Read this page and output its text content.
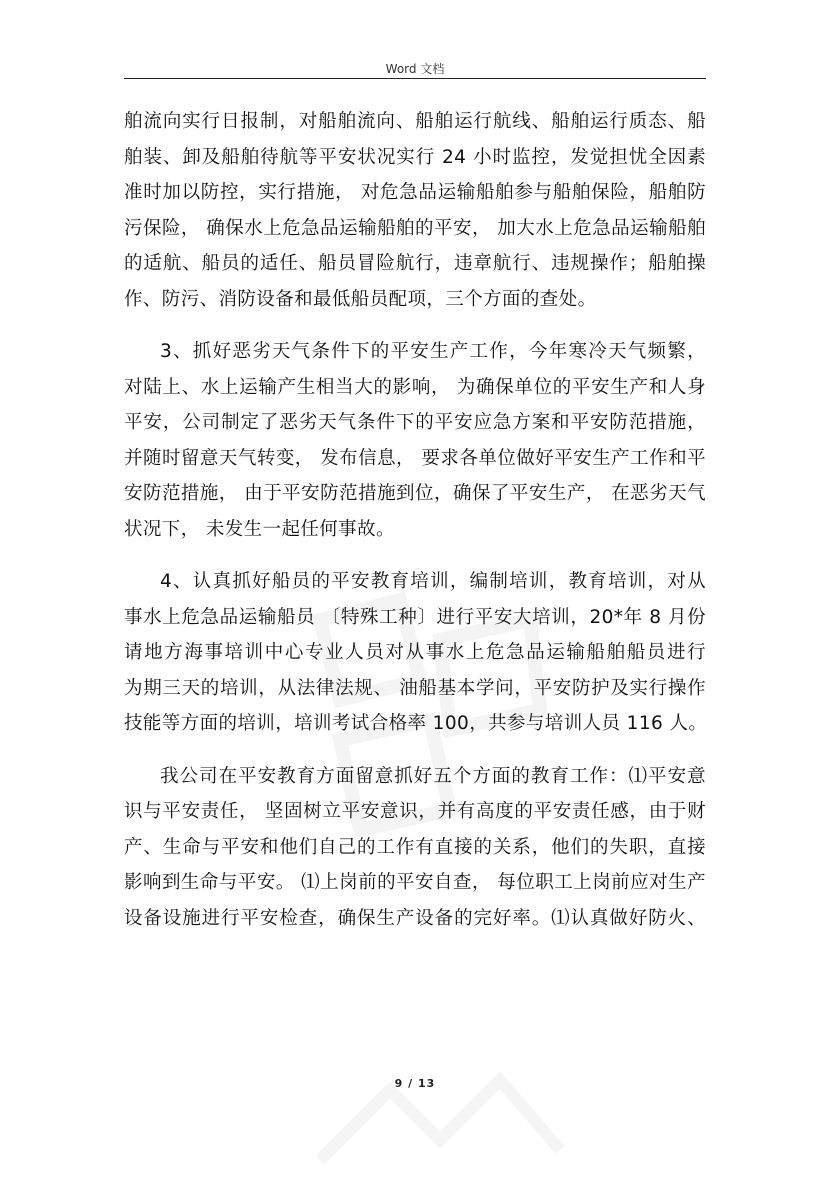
Word 文档

舶流向实行日报制，对船舶流向、船舶运行航线、船舶运行质态、船
舶装、卸及船舶待航等平安状况实行 24 小时监控，发觉担忧全因素
准时加以防控，实行措施， 对危急品运输船舶参与船舶保险，船舶防
污保险， 确保水上危急品运输船舶的平安， 加大水上危急品运输船舶
的适航、船员的适任、船员冒险航行，违章航行、违规操作；船舶操
作、防污、消防设备和最低船员配项，三个方面的查处。

3、抓好恶劣天气条件下的平安生产工作，今年寒冷天气频繁，
对陆上、水上运输产生相当大的影响， 为确保单位的平安生产和人身
平安，公司制定了恶劣天气条件下的平安应急方案和平安防范措施，
并随时留意天气转变， 发布信息， 要求各单位做好平安生产工作和平
安防范措施， 由于平安防范措施到位，确保了平安生产， 在恶劣天气
状况下， 未发生一起任何事故。

4、认真抓好船员的平安教育培训，编制培训，教育培训，对从
事水上危急品运输船员 〔特殊工种〕进行平安大培训，20*年 8 月份
请地方海事培训中心专业人员对从事水上危急品运输船舶船员进行
为期三天的培训，从法律法规、 油船基本学问，平安防护及实行操作
技能等方面的培训，培训考试合格率 100，共参与培训人员 116 人。

我公司在平安教育方面留意抓好五个方面的教育工作：⑴平安意
识与平安责任， 坚固树立平安意识，并有高度的平安责任感，由于财
产、生命与平安和他们自己的工作有直接的关系，他们的失职，直接
影响到生命与平安。 ⑴上岗前的平安自查， 每位职工上岗前应对生产
设备设施进行平安检查，确保生产设备的完好率。⑴认真做好防火、

9 / 13
